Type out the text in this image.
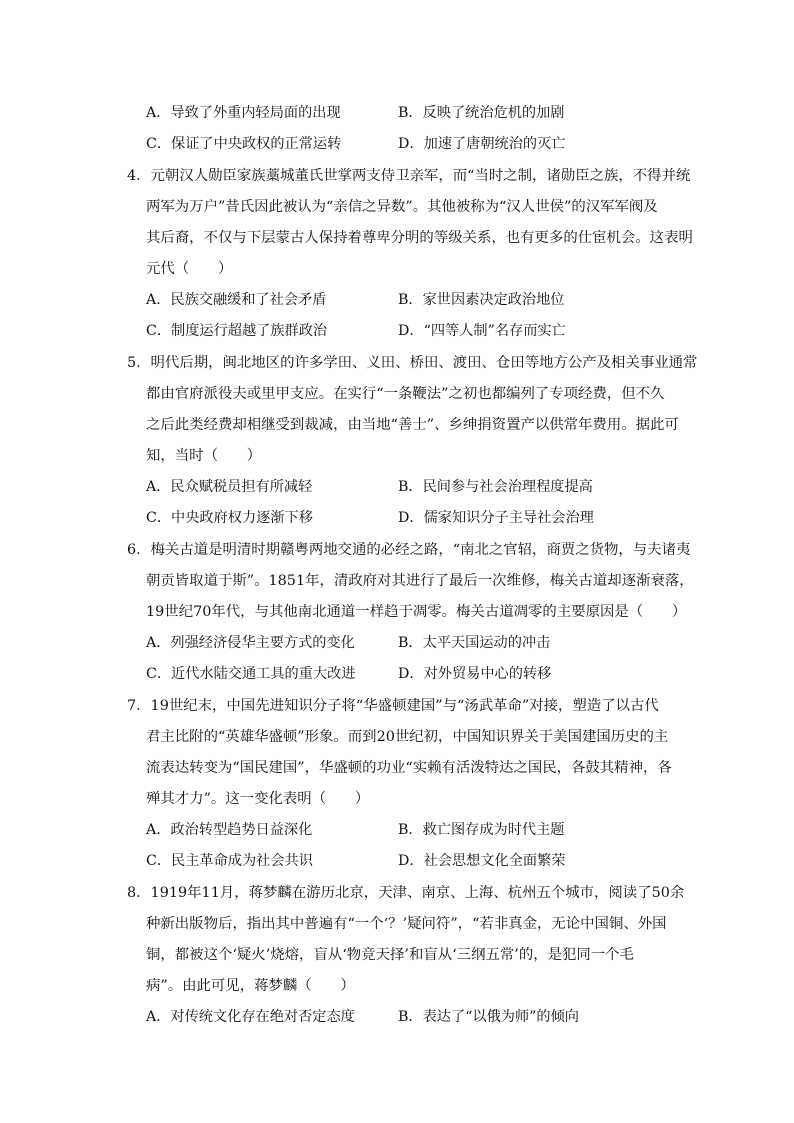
A．导致了外重内轻局面的出现	B．反映了统治危机的加剧
C．保证了中央政权的正常运转	D．加速了唐朝统治的灭亡
4．元朝汉人勋臣家族藁城董氏世掌两支侍卫亲军，而“当时之制，诸勋臣之族，不得并统
两军为万户”昔氏因此被认为“亲信之异数”。其他被称为“汉人世侯”的汉军军阀及
其后裔，不仅与下层蒙古人保持着尊卑分明的等级关系，也有更多的仕宦机会。这表明
元代（　　）
A．民族交融缓和了社会矛盾	B．家世因素决定政治地位
C．制度运行超越了族群政治	D．“四等人制”名存而实亡
5．明代后期，闽北地区的许多学田、义田、桥田、渡田、仓田等地方公产及相关事业通常
都由官府派役夫或里甲支应。在实行“一条鞭法”之初也都编列了专项经费，但不久
之后此类经费却相继受到裁减，由当地“善士”、乡绅捐资置产以供常年费用。据此可
知，当时（　　）
A．民众赋税员担有所减轻	B．民间参与社会治理程度提高
C．中央政府权力逐渐下移	D．儒家知识分子主导社会治理
6．梅关古道是明清时期赣粤两地交通的必经之路，“南北之官轺，商贾之货物，与夫诸夷
朝贡皆取道于斯”。1851年，清政府对其进行了最后一次维修，梅关古道却逐渐衰落，
19世纪70年代，与其他南北通道一样趋于凋零。梅关古道凋零的主要原因是（　　）
A．列强经济侵华主要方式的变化	B．太平天国运动的冲击
C．近代水陆交通工具的重大改进	D．对外贸易中心的转移
7．19世纪末，中国先进知识分子将“华盛顿建国”与“汤武革命”对接，塑造了以古代
君主比附的“英雄华盛顿”形象。而到20世纪初，中国知识界关于美国建国历史的主
流表达转变为“国民建国”，华盛顿的功业“实赖有活泼特达之国民，各鼓其精神，各
殚其才力”。这一变化表明（　　）
A．政治转型趋势日益深化	B．救亡图存成为时代主题
C．民主革命成为社会共识	D．社会思想文化全面繁荣
8．1919年11月，蒋梦麟在游历北京，天津、南京、上海、杭州五个城市，阅读了50余
种新出版物后，指出其中普遍有“一个‘？’疑问符”，“若非真金，无论中国铜、外国
铜，都被这个‘疑火’烧熔，盲从‘物竞天择’和盲从‘三纲五常’的，是犯同一个毛
病”。由此可见，蒋梦麟（　　）
A．对传统文化存在绝对否定态度	B．表达了“以俄为师”的倾向
